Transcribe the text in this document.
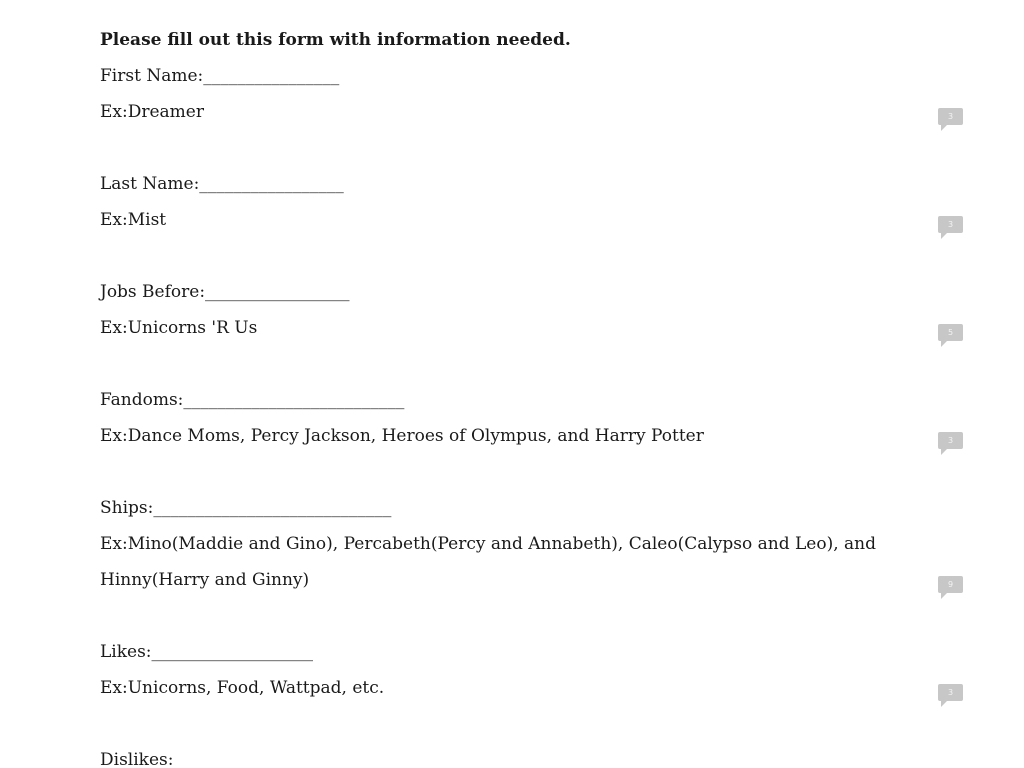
Please fill out this form with information needed.
First Name:________________
Ex:Dreamer
Last Name:_________________
Ex:Mist
Jobs Before:_________________
Ex:Unicorns 'R Us
Fandoms:__________________________
Ex:Dance Moms, Percy Jackson, Heroes of Olympus, and Harry Potter
Ships:____________________________
Ex:Mino(Maddie and Gino), Percabeth(Percy and Annabeth), Caleo(Calypso and Leo), and
Hinny(Harry and Ginny)
Likes:___________________
Ex:Unicorns, Food, Wattpad, etc.
Dislikes:_________________
3
3
5
3
9
3
